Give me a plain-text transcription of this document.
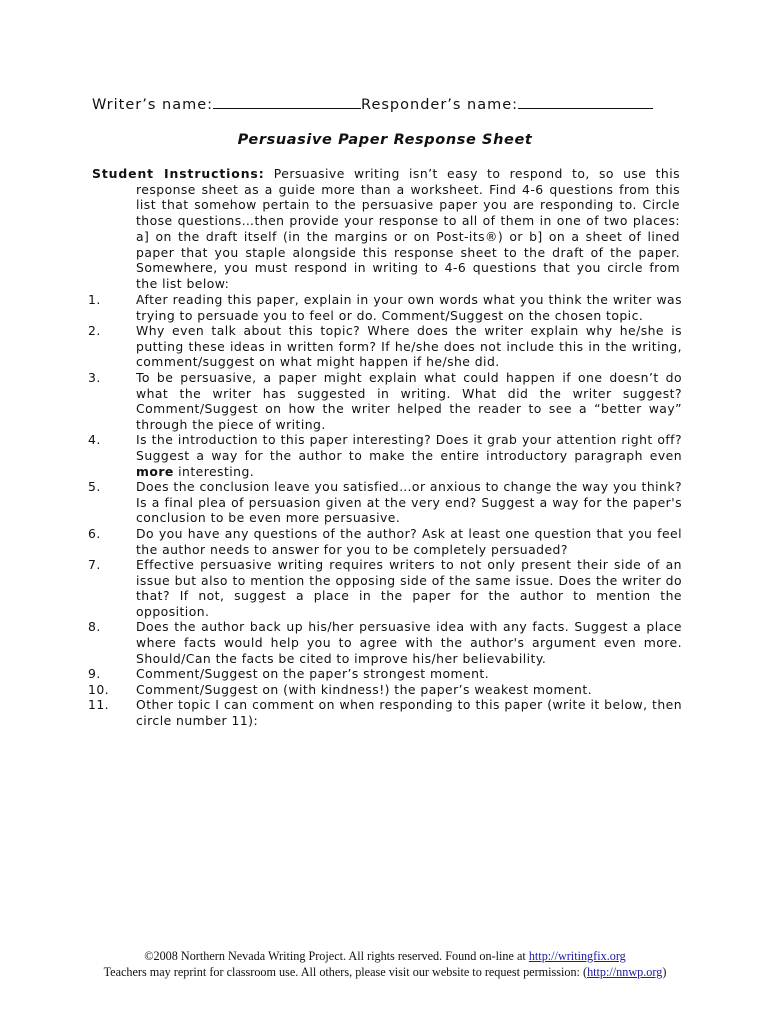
Writer’s name:	Responder’s name:
Persuasive Paper Response Sheet
Student Instructions: Persuasive writing isn’t easy to respond to, so use this response sheet as a guide more than a worksheet. Find 4-6 questions from this list that somehow pertain to the persuasive paper you are responding to. Circle those questions…then provide your response to all of them in one of two places: a] on the draft itself (in the margins or on Post-its®) or b] on a sheet of lined paper that you staple alongside this response sheet to the draft of the paper. Somewhere, you must respond in writing to 4-6 questions that you circle from the list below:
1.	After reading this paper, explain in your own words what you think the writer was trying to persuade you to feel or do. Comment/Suggest on the chosen topic.
2.	Why even talk about this topic? Where does the writer explain why he/she is putting these ideas in written form? If he/she does not include this in the writing, comment/suggest on what might happen if he/she did.
3.	To be persuasive, a paper might explain what could happen if one doesn’t do what the writer has suggested in writing. What did the writer suggest? Comment/Suggest on how the writer helped the reader to see a “better way” through the piece of writing.
4.	Is the introduction to this paper interesting? Does it grab your attention right off? Suggest a way for the author to make the entire introductory paragraph even more interesting.
5.	Does the conclusion leave you satisfied…or anxious to change the way you think? Is a final plea of persuasion given at the very end? Suggest a way for the paper's conclusion to be even more persuasive.
6.	Do you have any questions of the author? Ask at least one question that you feel the author needs to answer for you to be completely persuaded?
7.	Effective persuasive writing requires writers to not only present their side of an issue but also to mention the opposing side of the same issue. Does the writer do that? If not, suggest a place in the paper for the author to mention the opposition.
8.	Does the author back up his/her persuasive idea with any facts. Suggest a place where facts would help you to agree with the author's argument even more. Should/Can the facts be cited to improve his/her believability.
9.	Comment/Suggest on the paper’s strongest moment.
10.	Comment/Suggest on (with kindness!) the paper’s weakest moment.
11.	Other topic I can comment on when responding to this paper (write it below, then circle number 11):
©2008 Northern Nevada Writing Project. All rights reserved. Found on-line at http://writingfix.org
Teachers may reprint for classroom use. All others, please visit our website to request permission: (http://nnwp.org)
